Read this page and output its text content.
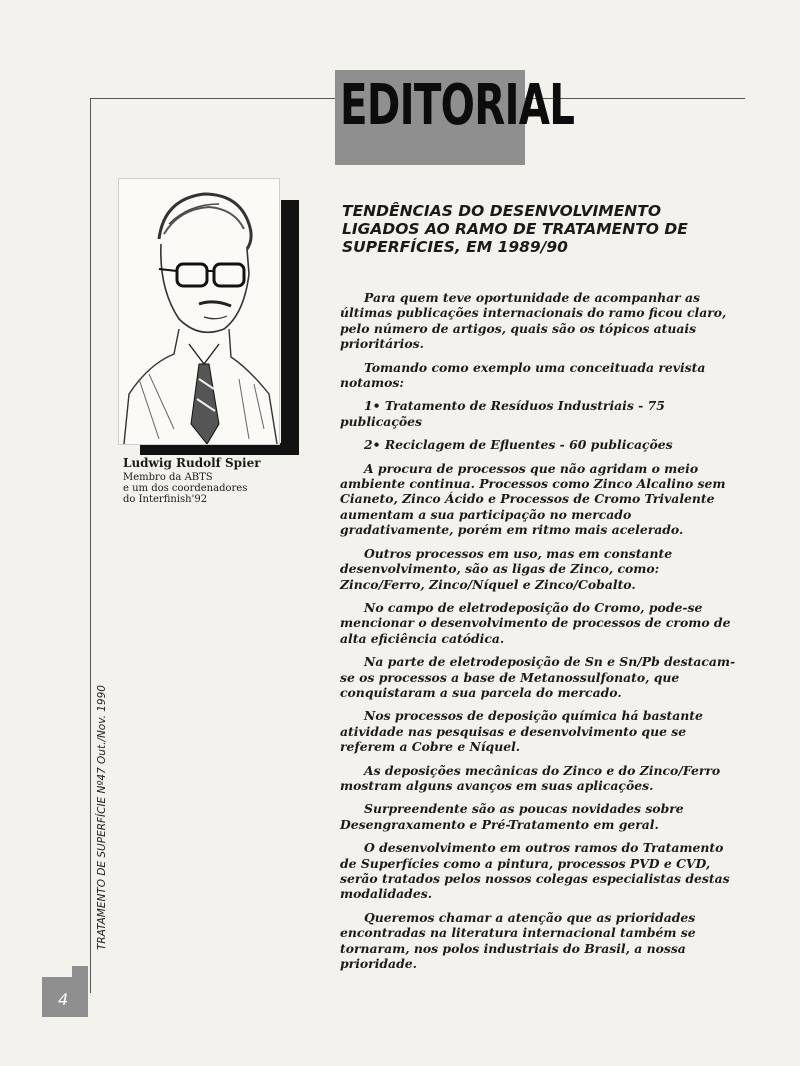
EDITORIAL

Ludwig Rudolf Spier

Membro da ABTS

e um dos coordenadores

do Interfinish'92

TENDÊNCIAS DO DESENVOLVIMENTO LIGADOS AO RAMO DE TRATAMENTO DE SUPERFÍCIES, EM 1989/90

Para quem teve oportunidade de acompanhar as últimas publicações internacionais do ramo ficou claro, pelo número de artigos, quais são os tópicos atuais prioritários.

Tomando como exemplo uma conceituada revista notamos:

1• Tratamento de Resíduos Industriais - 75 publicações

2• Reciclagem de Efluentes - 60 publicações

A procura de processos que não agridam o meio ambiente continua. Processos como Zinco Alcalino sem Cianeto, Zinco Ácido e Processos de Cromo Trivalente aumentam a sua participação no mercado gradativamente, porém em ritmo mais acelerado.

Outros processos em uso, mas em constante desenvolvimento, são as ligas de Zinco, como: Zinco/Ferro, Zinco/Níquel e Zinco/Cobalto.

No campo de eletrodeposição do Cromo, pode-se mencionar o desenvolvimento de processos de cromo de alta eficiência catódica.

Na parte de eletrodeposição de Sn e Sn/Pb destacam-se os processos a base de Metanossulfonato, que conquistaram a sua parcela do mercado.

Nos processos de deposição química há bastante atividade nas pesquisas e desenvolvimento que se referem a Cobre e Níquel.

As deposições mecânicas do Zinco e do Zinco/Ferro mostram alguns avanços em suas aplicações.

Surpreendente são as poucas novidades sobre Desengraxamento e Pré-Tratamento em geral.

O desenvolvimento em outros ramos do Tratamento de Superfícies como a pintura, processos PVD e CVD, serão tratados pelos nossos colegas especialistas destas modalidades.

Queremos chamar a atenção que as prioridades encontradas na literatura internacional também se tornaram, nos polos industriais do Brasil, a nossa prioridade.

TRATAMENTO DE SUPERFÍCIE Nº47 Out./Nov. 1990
4
